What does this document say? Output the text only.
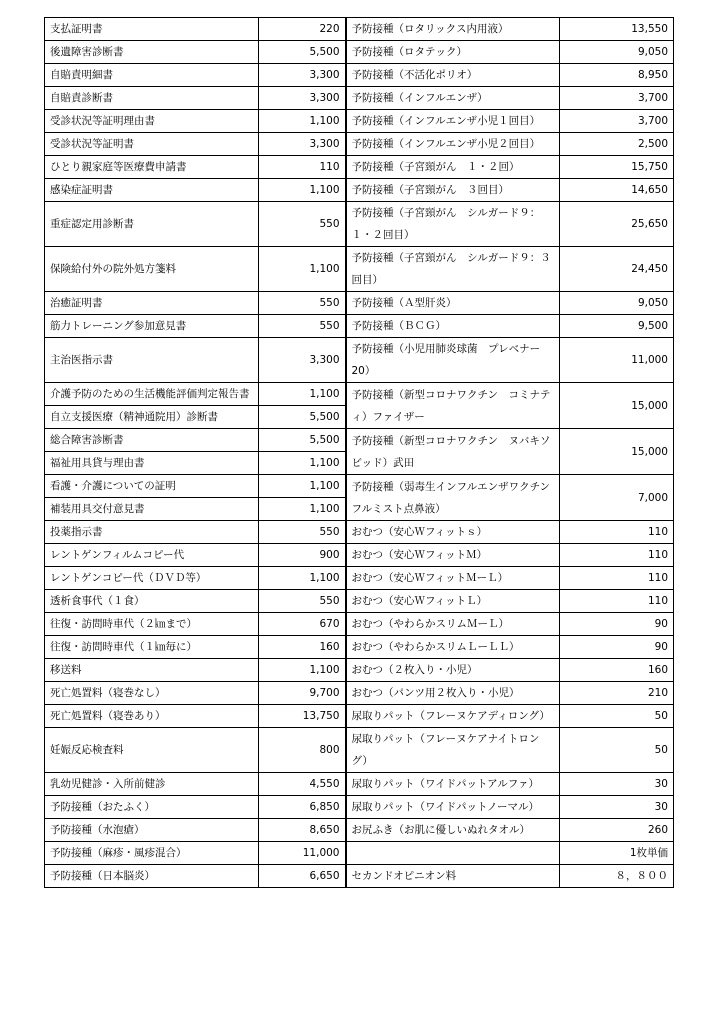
支払証明書	220	予防接種（ロタリックス内用液）	13,550
後遺障害診断書	5,500	予防接種（ロタテック）	9,050
自賠責明細書	3,300	予防接種（不活化ポリオ）	8,950
自賠責診断書	3,300	予防接種（インフルエンザ）	3,700
受診状況等証明理由書	1,100	予防接種（インフルエンザ小児１回目）	3,700
受診状況等証明書	3,300	予防接種（インフルエンザ小児２回目）	2,500
ひとり親家庭等医療費申請書	110	予防接種（子宮頸がん　１・２回）	15,750
感染症証明書	1,100	予防接種（子宮頸がん　３回目）	14,650
重症認定用診断書	550	予防接種（子宮頸がん　シルガード９：１・２回目）	25,650
保険給付外の院外処方箋料	1,100	予防接種（子宮頸がん　シルガード９：３回目）	24,450
治癒証明書	550	予防接種（Ａ型肝炎）	9,050
筋力トレーニング参加意見書	550	予防接種（ＢＣＧ）	9,500
主治医指示書	3,300	予防接種（小児用肺炎球菌　プレベナー20）	11,000
介護予防のための生活機能評価判定報告書	1,100	予防接種（新型コロナワクチン　コミナティ）ファイザー	15,000
自立支援医療（精神通院用）診断書	5,500		
総合障害診断書	5,500	予防接種（新型コロナワクチン　ヌバキソビッド）武田	15,000
福祉用具貸与理由書	1,100		
看護・介護についての証明	1,100	予防接種（弱毒生インフルエンザワクチン　フルミスト点鼻液）	7,000
補装用具交付意見書	1,100		
投薬指示書	550	おむつ（安心Ｗフィットｓ）	110
レントゲンフィルムコピー代	900	おむつ（安心ＷフィットＭ）	110
レントゲンコピー代（ＤＶＤ等）	1,100	おむつ（安心ＷフィットＭーＬ）	110
透析食事代（１食）	550	おむつ（安心ＷフィットＬ）	110
往復・訪問時車代（２㎞まで）	670	おむつ（やわらかスリムＭーＬ）	90
往復・訪問時車代（１㎞毎に）	160	おむつ（やわらかスリムＬーＬＬ）	90
移送料	1,100	おむつ（２枚入り・小児）	160
死亡処置料（寝巻なし）	9,700	おむつ（パンツ用２枚入り・小児）	210
死亡処置料（寝巻あり）	13,750	尿取りパット（フレーヌケアディロング）	50
妊娠反応検査料	800	尿取りパット（フレーヌケアナイトロング）	50
乳幼児健診・入所前健診	4,550	尿取りパット（ワイドパットアルファ）	30
予防接種（おたふく）	6,850	尿取りパット（ワイドパットノーマル）	30
予防接種（水泡瘡）	8,650	お尻ふき（お肌に優しいぬれタオル）	260
予防接種（麻疹・風疹混合）	11,000		1枚単価
予防接種（日本脳炎）	6,650	セカンドオピニオン料	８，８００
